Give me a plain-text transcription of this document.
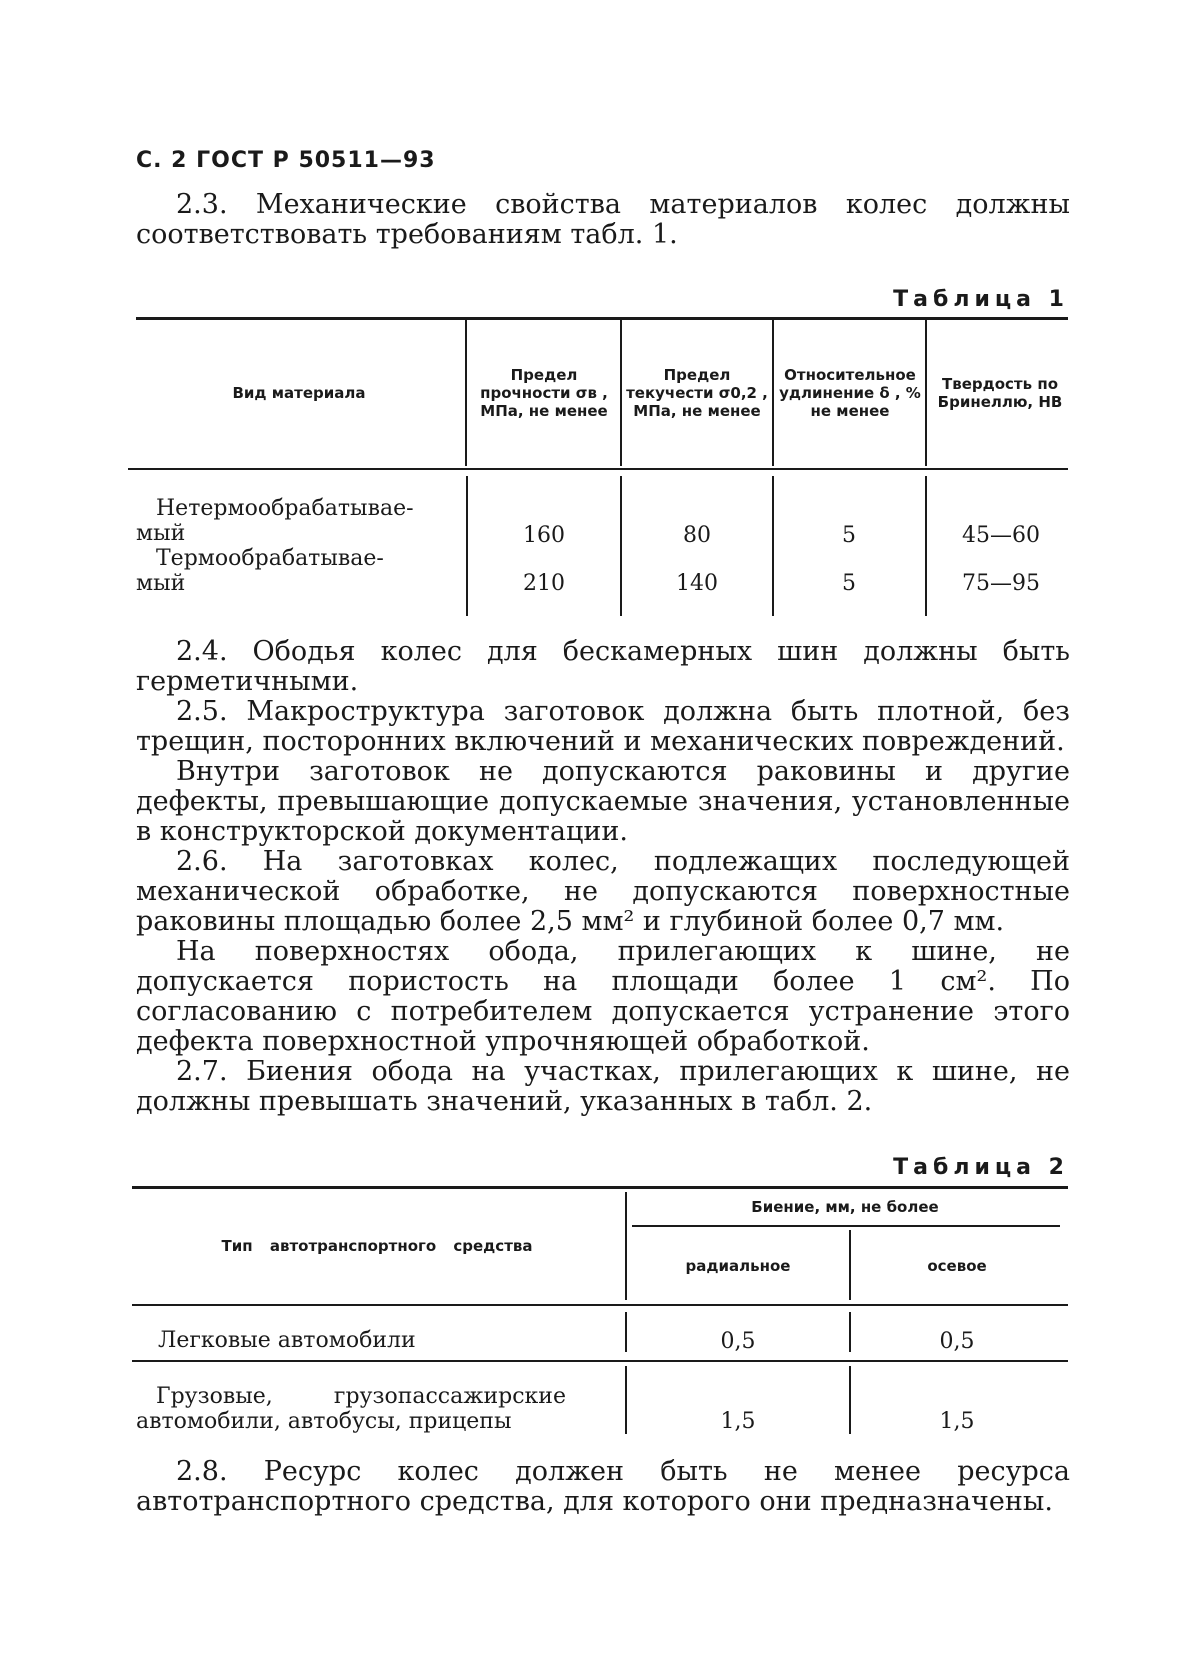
С. 2 ГОСТ Р 50511—93
2.3. Механические свойства материалов колес должны соответствовать требованиям табл. 1.
Таблица 1
Вид материала
Предел прочности σв , МПа, не менее
Предел текучести σ0,2 , МПа, не менее
Относительное удлинение δ , % не менее
Твердость по Бринеллю, НВ
Нетермообрабатывае-
мый	160	80	5	45—60
Термообрабатывае-
мый	210	140	5	75—95
2.4. Ободья колес для бескамерных шин должны быть герметичными.
2.5. Макроструктура заготовок должна быть плотной, без трещин, посторонних включений и механических повреждений.
Внутри заготовок не допускаются раковины и другие дефекты, превышающие допускаемые значения, установленные в конструкторской документации.
2.6. На заготовках колес, подлежащих последующей механической обработке, не допускаются поверхностные раковины площадью более 2,5 мм² и глубиной более 0,7 мм.
На поверхностях обода, прилегающих к шине, не допускается пористость на площади более 1 см². По согласованию с потребителем допускается устранение этого дефекта поверхностной упрочняющей обработкой.
2.7. Биения обода на участках, прилегающих к шине, не должны превышать значений, указанных в табл. 2.
Таблица 2
Тип автотранспортного средства
Биение, мм, не более
радиальное	осевое
Легковые автомобили	0,5	0,5
Грузовые, грузопассажирские автомобили, автобусы, прицепы	1,5	1,5
2.8. Ресурс колес должен быть не менее ресурса автотранспортного средства, для которого они предназначены.
